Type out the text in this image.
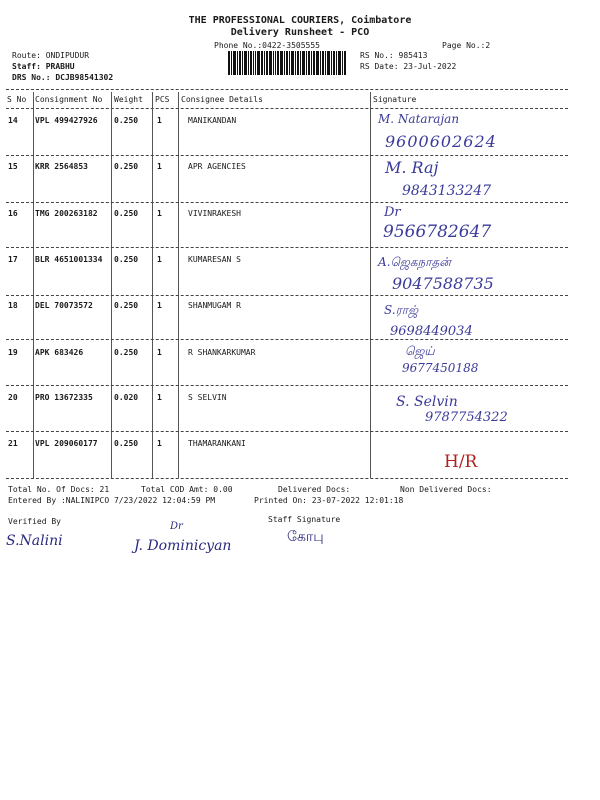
THE PROFESSIONAL COURIERS, Coimbatore
Delivery Runsheet - PCO
Phone No.:0422-3505555	Page No.:2
Route: ONDIPUDUR
Staff: PRABHU
DRS No.: DCJB98541302
RS No.: 985413
RS Date: 23-Jul-2022
S No Consignment No Weight PCS Consignee Details	Signature
14 VPL 499427926 0.250 1	MANIKANDAN	M. Natarajan
9600602624
15 KRR 2564853	0.250 1	APR AGENCIES	M. Raj
9843133247
16 TMG 200263182 0.250 1	VIVINRAKESH	Dr
9566782647
17 BLR 4651001334 0.250 1	KUMARESAN S	A.ஜெகநாதன்
9047588735
18 DEL 70073572	0.250 1	SHANMUGAM R	S.ராஜ்
9698449034
19 APK 683426	0.250 1	R SHANKARKUMAR	ஜெய்
9677450188
20 PRO 13672335	0.020 1	S SELVIN	S. Selvin
9787754322
21 VPL 209060177 0.250 1	THAMARANKANI
H/R
Total No. Of Docs: 21	Total COD Amt: 0.00	Delivered Docs:	Non Delivered Docs:
Entered By :NALINIPCO 7/23/2022 12:04:59 PM	Printed On: 23-07-2022 12:01:18
Verified By	Staff Signature
S.Nalini
Dr
J. Dominicyan
கோபு
